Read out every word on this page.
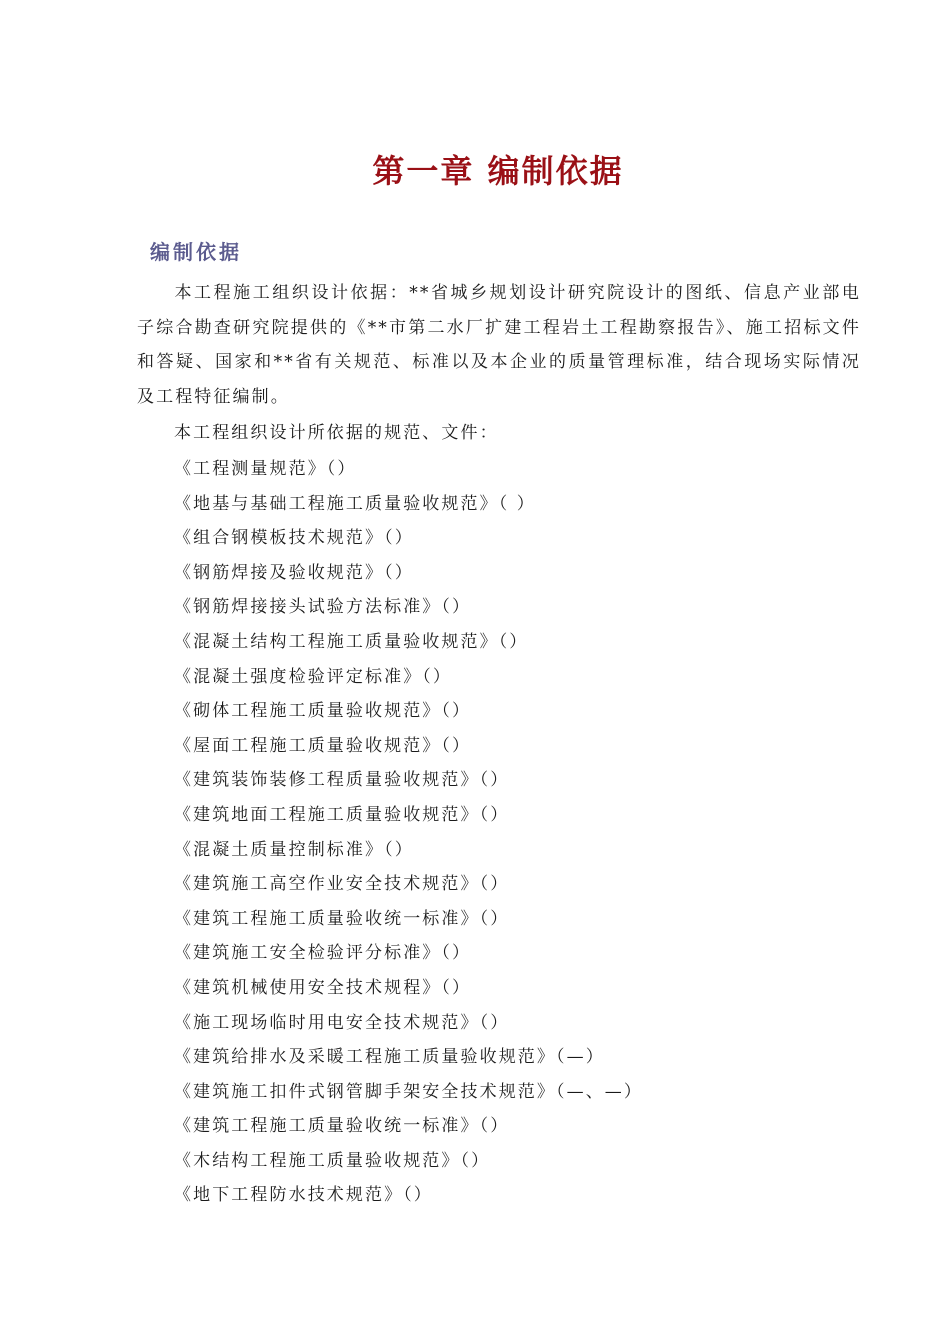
第一章 编制依据
编制依据

本工程施工组织设计依据：**省城乡规划设计研究院设计的图纸、信息产业部电子综合勘查研究院提供的《**市第二水厂扩建工程岩土工程勘察报告》、施工招标文件和答疑、国家和**省有关规范、标准以及本企业的质量管理标准，结合现场实际情况及工程特征编制。

本工程组织设计所依据的规范、文件：

《工程测量规范》（）
《地基与基础工程施工质量验收规范》（ ）
《组合钢模板技术规范》（）
《钢筋焊接及验收规范》（）
《钢筋焊接接头试验方法标准》（）
《混凝土结构工程施工质量验收规范》（）
《混凝土强度检验评定标准》（）
《砌体工程施工质量验收规范》（）
《屋面工程施工质量验收规范》（）
《建筑装饰装修工程质量验收规范》（）
《建筑地面工程施工质量验收规范》（）
《混凝土质量控制标准》（）
《建筑施工高空作业安全技术规范》（）
《建筑工程施工质量验收统一标准》（）
《建筑施工安全检验评分标准》（）
《建筑机械使用安全技术规程》（）
《施工现场临时用电安全技术规范》（）
《建筑给排水及采暖工程施工质量验收规范》（—）
《建筑施工扣件式钢管脚手架安全技术规范》（—、—）
《建筑工程施工质量验收统一标准》（）
《木结构工程施工质量验收规范》（）
《地下工程防水技术规范》（）
